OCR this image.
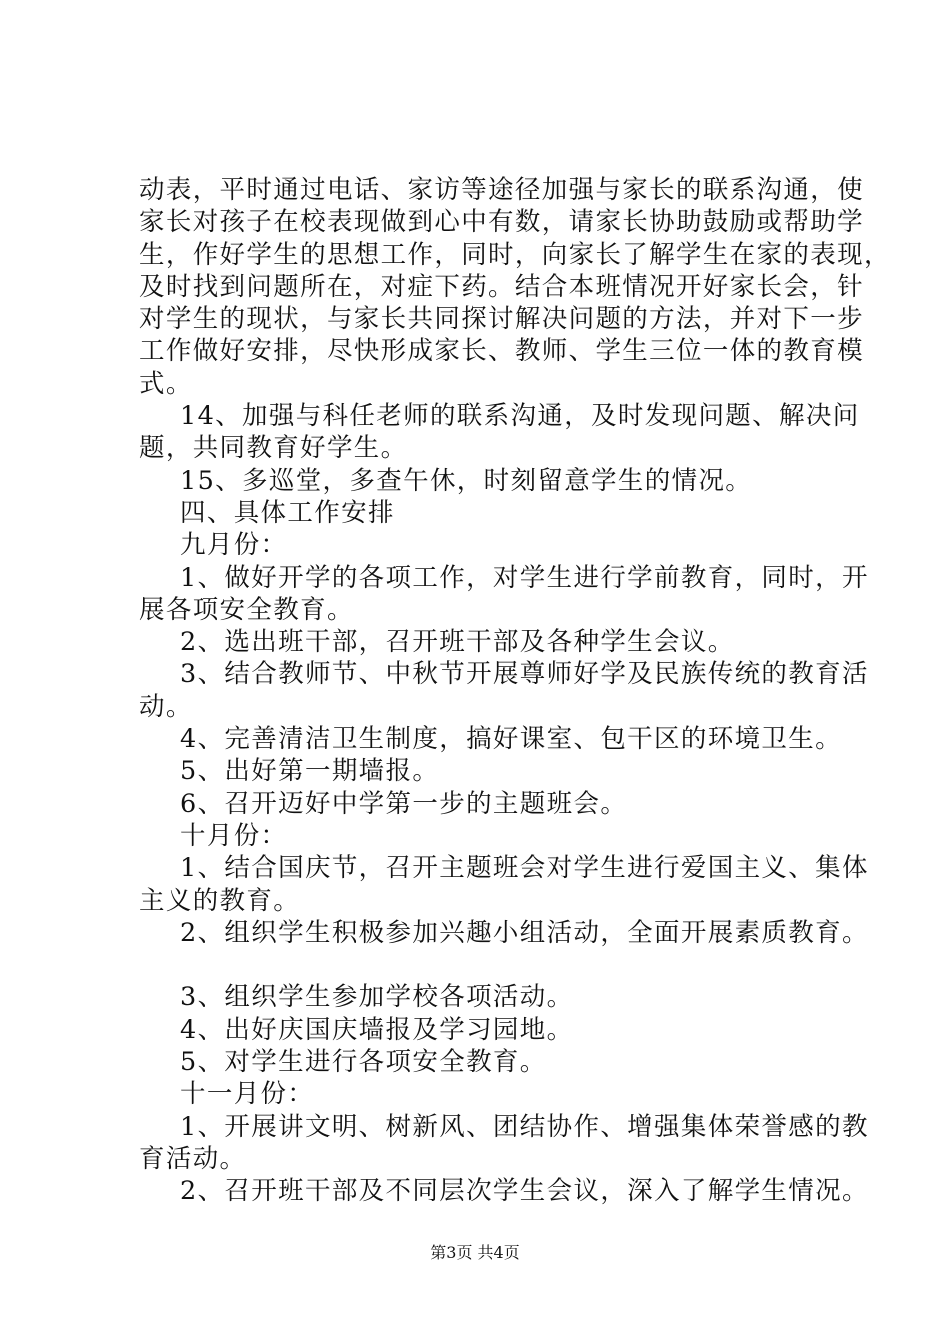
动表，平时通过电话、家访等途径加强与家长的联系沟通，使
家长对孩子在校表现做到心中有数，请家长协助鼓励或帮助学
生，作好学生的思想工作，同时，向家长了解学生在家的表现，
及时找到问题所在，对症下药。结合本班情况开好家长会，针
对学生的现状，与家长共同探讨解决问题的方法，并对下一步
工作做好安排，尽快形成家长、教师、学生三位一体的教育模
式。
14、加强与科任老师的联系沟通，及时发现问题、解决问
题，共同教育好学生。
15、多巡堂，多查午休，时刻留意学生的情况。
四、具体工作安排
九月份：
1、做好开学的各项工作，对学生进行学前教育，同时，开
展各项安全教育。
2、选出班干部，召开班干部及各种学生会议。
3、结合教师节、中秋节开展尊师好学及民族传统的教育活
动。
4、完善清洁卫生制度，搞好课室、包干区的环境卫生。
5、出好第一期墙报。
6、召开迈好中学第一步的主题班会。
十月份：
1、结合国庆节，召开主题班会对学生进行爱国主义、集体
主义的教育。
2、组织学生积极参加兴趣小组活动，全面开展素质教育。
3、组织学生参加学校各项活动。
4、出好庆国庆墙报及学习园地。
5、对学生进行各项安全教育。
十一月份：
1、开展讲文明、树新风、团结协作、增强集体荣誉感的教
育活动。
2、召开班干部及不同层次学生会议，深入了解学生情况。
第3页 共4页
